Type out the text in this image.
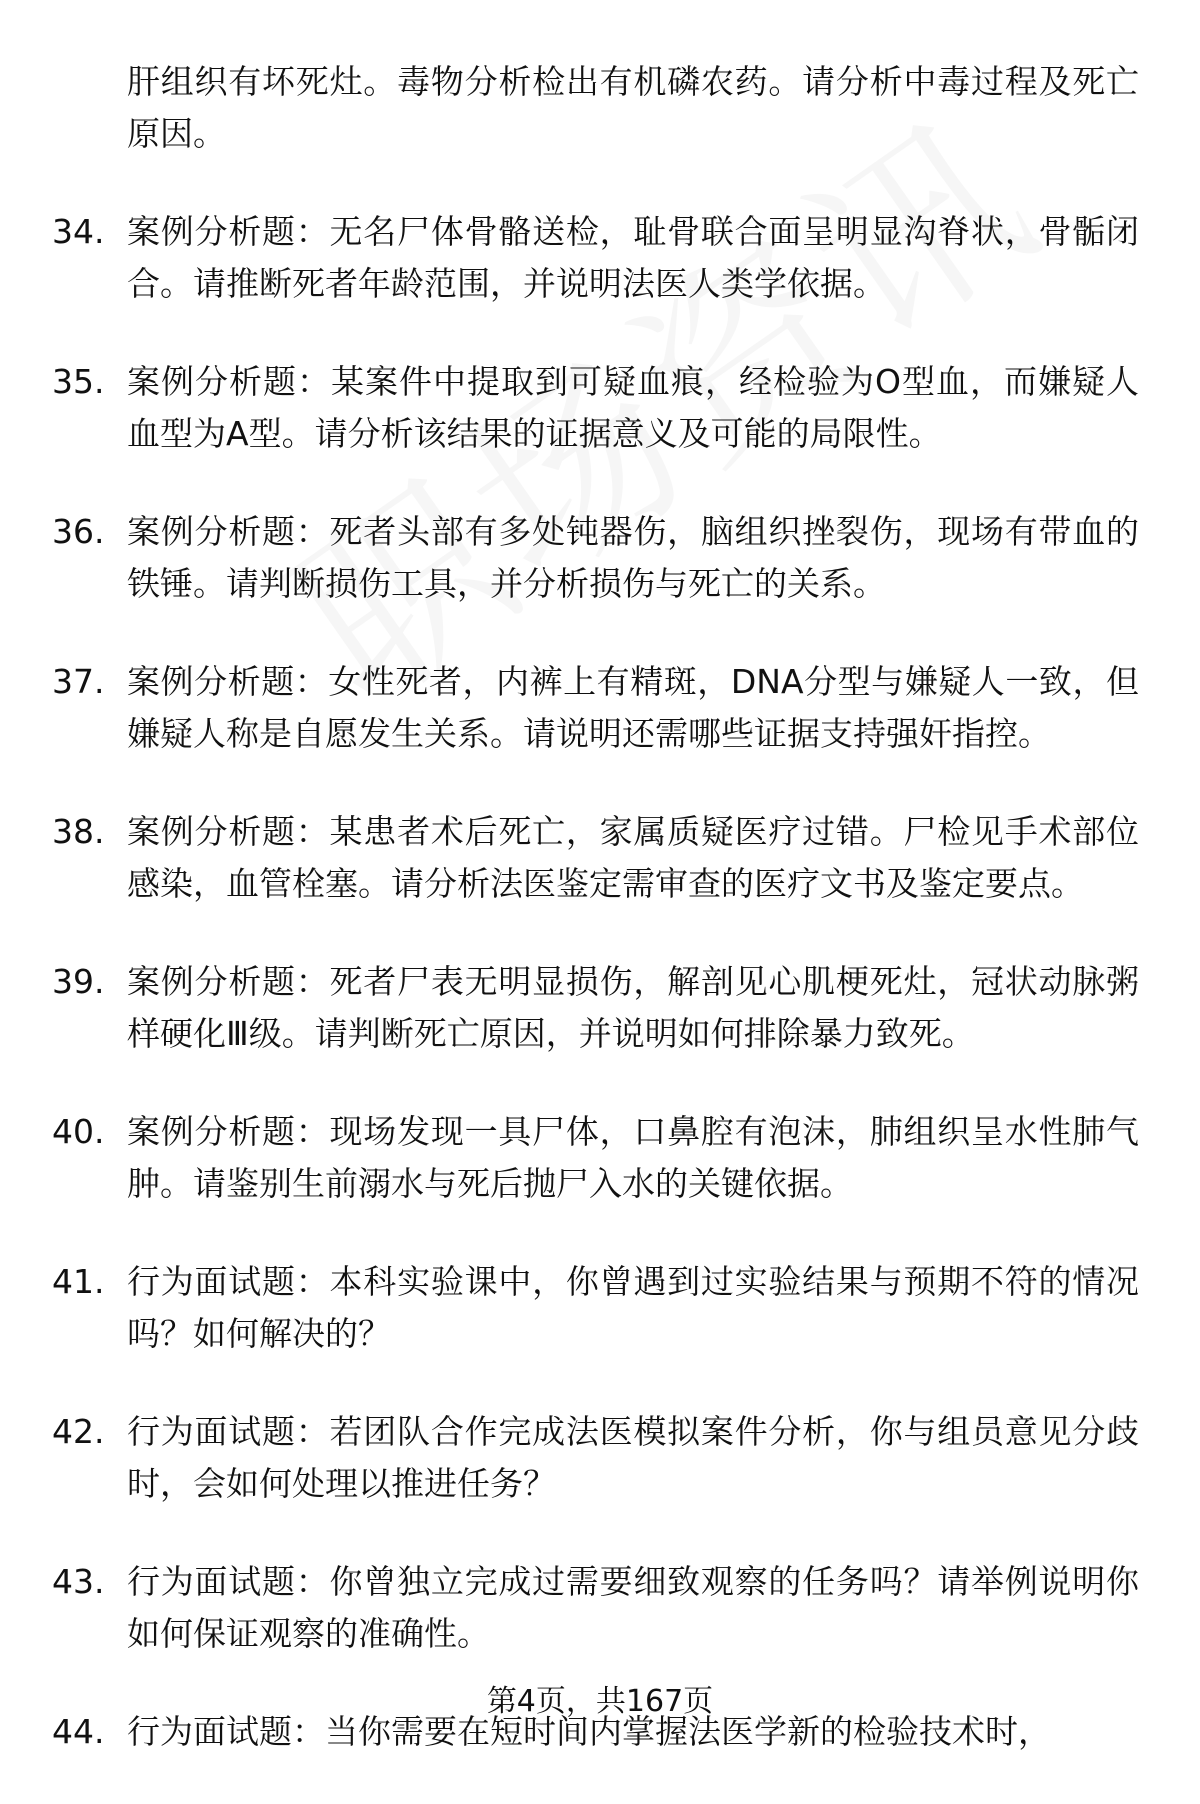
肝组织有坏死灶。毒物分析检出有机磷农药。请分析中毒过程及死亡原因。
34. 案例分析题：无名尸体骨骼送检，耻骨联合面呈明显沟脊状，骨骺闭合。请推断死者年龄范围，并说明法医人类学依据。
35. 案例分析题：某案件中提取到可疑血痕，经检验为O型血，而嫌疑人血型为A型。请分析该结果的证据意义及可能的局限性。
36. 案例分析题：死者头部有多处钝器伤，脑组织挫裂伤，现场有带血的铁锤。请判断损伤工具，并分析损伤与死亡的关系。
37. 案例分析题：女性死者，内裤上有精斑，DNA分型与嫌疑人一致，但嫌疑人称是自愿发生关系。请说明还需哪些证据支持强奸指控。
38. 案例分析题：某患者术后死亡，家属质疑医疗过错。尸检见手术部位感染，血管栓塞。请分析法医鉴定需审查的医疗文书及鉴定要点。
39. 案例分析题：死者尸表无明显损伤，解剖见心肌梗死灶，冠状动脉粥样硬化Ⅲ级。请判断死亡原因，并说明如何排除暴力致死。
40. 案例分析题：现场发现一具尸体，口鼻腔有泡沫，肺组织呈水性肺气肿。请鉴别生前溺水与死后抛尸入水的关键依据。
41. 行为面试题：本科实验课中，你曾遇到过实验结果与预期不符的情况吗？如何解决的？
42. 行为面试题：若团队合作完成法医模拟案件分析，你与组员意见分歧时，会如何处理以推进任务？
43. 行为面试题：你曾独立完成过需要细致观察的任务吗？请举例说明你如何保证观察的准确性。
44. 行为面试题：当你需要在短时间内掌握法医学新的检验技术时，
第4页，共167页
